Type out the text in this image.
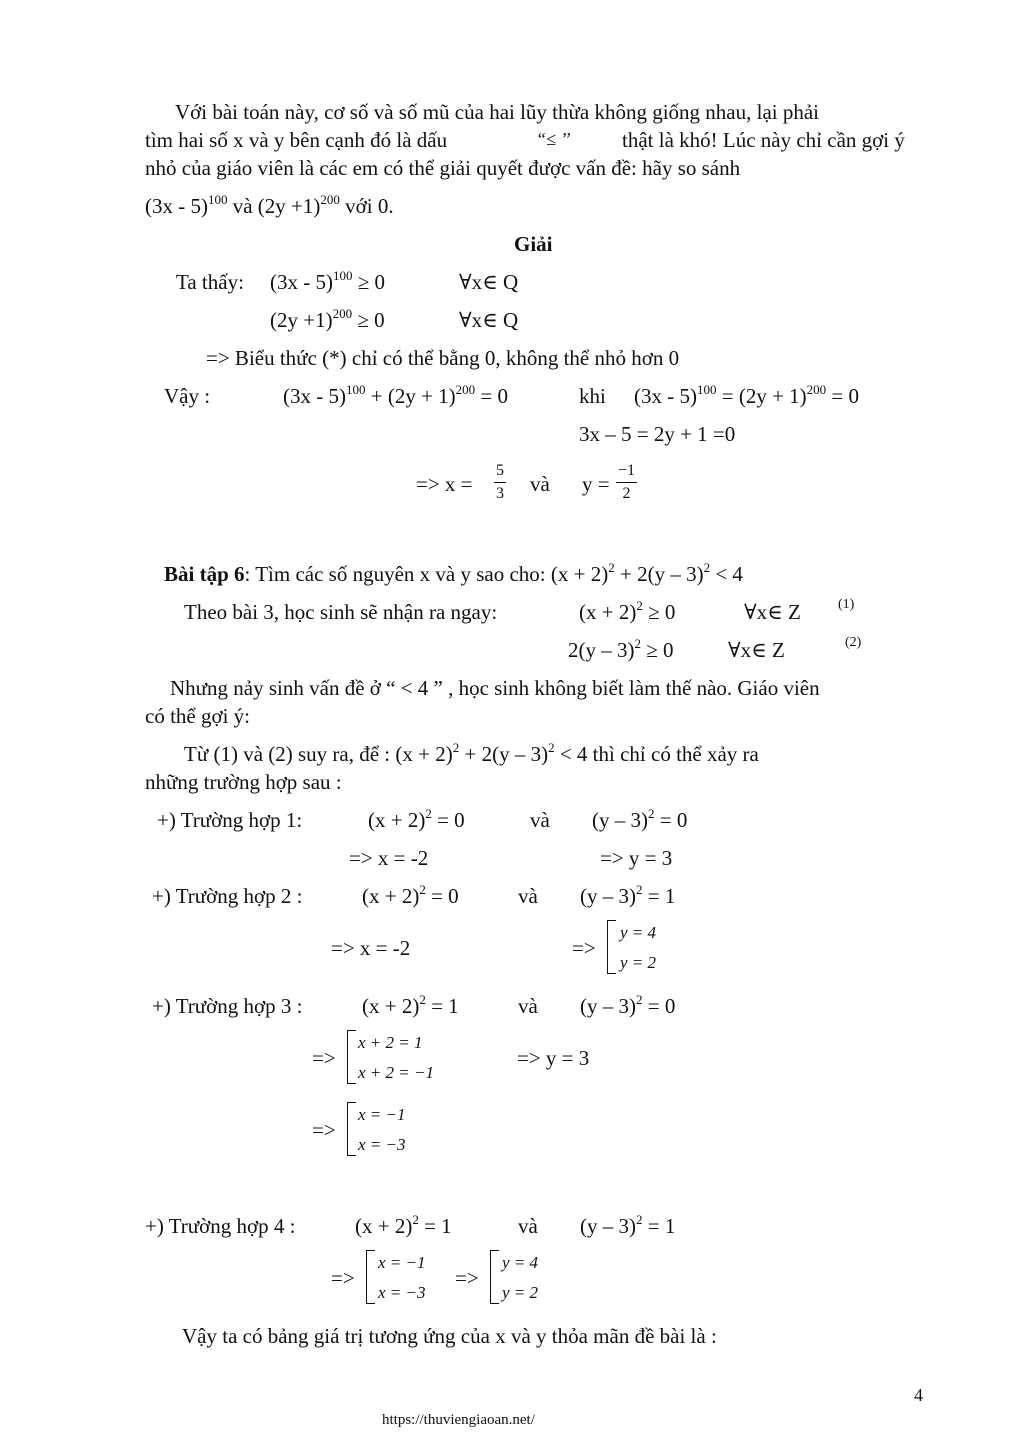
Với bài toán này, cơ số và số mũ của hai lũy thừa không giống nhau, lại phải
tìm hai số x và y bên cạnh đó là dấu	“≤ ’’ thật là khó! Lúc này chỉ cần gợi ý
nhỏ của giáo viên là các em có thể giải quyết được vấn đề: hãy so sánh
(3x - 5)$^{100}$ và $(2y +1)^{200}$ với 0.
Giải
Ta thấy: (3x - 5)$^{100}$ ≥ 0	∀x∈ Q
$(2y +1)^{200} \ge 0$	∀x∈ Q
=> Biểu thức (*) chỉ có thể bằng 0, không thể nhỏ hơn 0
Vậy :	$(3x - 5)^{100} + (2y + 1)^{200} = 0$	khi $(3x - 5)^{100} = (2y + 1)^{200} = 0$
3x – 5 = 2y + 1 =0
=> x =
5
3 và y =
−1
2
Bài tập 6: Tìm các số nguyên x và y sao cho: $(x + 2)^2 + 2(y - 3)^2 < 4$
Theo bài 3, học sinh sẽ nhận ra ngay:	$(x + 2)^2 \ge 0$	∀x∈ Z	(1)
2(y – 3)$^2$ ≥ 0	∀x∈ Z	(2)
Nhưng nảy sinh vấn đề ở “ < 4 ” , học sinh không biết làm thế nào. Giáo viên
có thể gợi ý:
Từ (1) và (2) suy ra, để : $(x + 2)^2 + 2(y - 3)^2 < 4$ thì chỉ có thể xảy ra
những trường hợp sau :
+) Trường hợp 1:	$(x + 2)^2 = 0$	và (y – 3)$^2$ = 0
=> x = -2	=> y = 3
+) Trường hợp 2 :	$(x + 2)^2 = 0$	và (y – 3)$^2$ = 1
=> x = -2	=>
y = 4
y = 2
+) Trường hợp 3 :	$(x + 2)^2 = 1$	và (y – 3)$^2$ = 0
=>
x + 2 = 1
x + 2 = −1
=> y = 3
=>
x = −1
x = −3
+) Trường hợp 4 :	$(x + 2)^2 = 1$	và (y – 3)$^2$ = 1
=>
x = −1
x = −3
=>
y = 4
y = 2
Vậy ta có bảng giá trị tương ứng của x và y thỏa mãn đề bài là :
4
https://thuviengiaoan.net/
